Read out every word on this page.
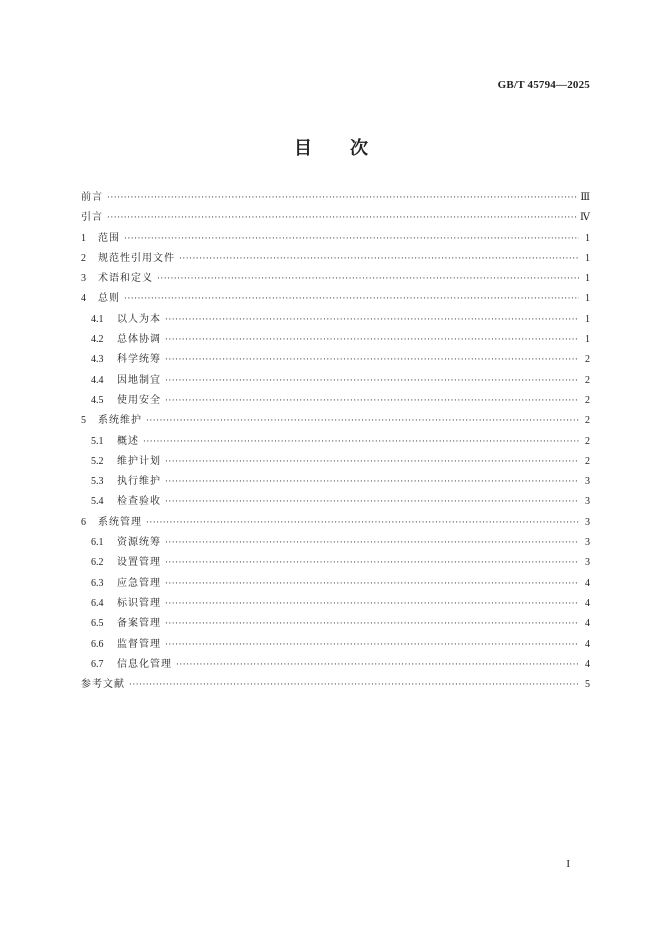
GB/T 45794—2025
目次
前言 ·····	Ⅲ
引言 ·····	Ⅳ
1	范围 ·····	1
2	规范性引用文件 ·····	1
3	术语和定义 ·····	1
4	总则 ·····	1
4.1	以人为本 ·····	1
4.2	总体协调 ·····	1
4.3	科学统筹 ·····	2
4.4	因地制宜 ·····	2
4.5	使用安全 ·····	2
5	系统维护 ·····	2
5.1	概述 ·····	2
5.2	维护计划 ·····	2
5.3	执行维护 ·····	3
5.4	检查验收 ·····	3
6	系统管理 ·····	3
6.1	资源统筹 ·····	3
6.2	设置管理 ·····	3
6.3	应急管理 ·····	4
6.4	标识管理 ·····	4
6.5	备案管理 ·····	4
6.6	监督管理 ·····	4
6.7	信息化管理 ·····	4
参考文献 ·····	5
I
